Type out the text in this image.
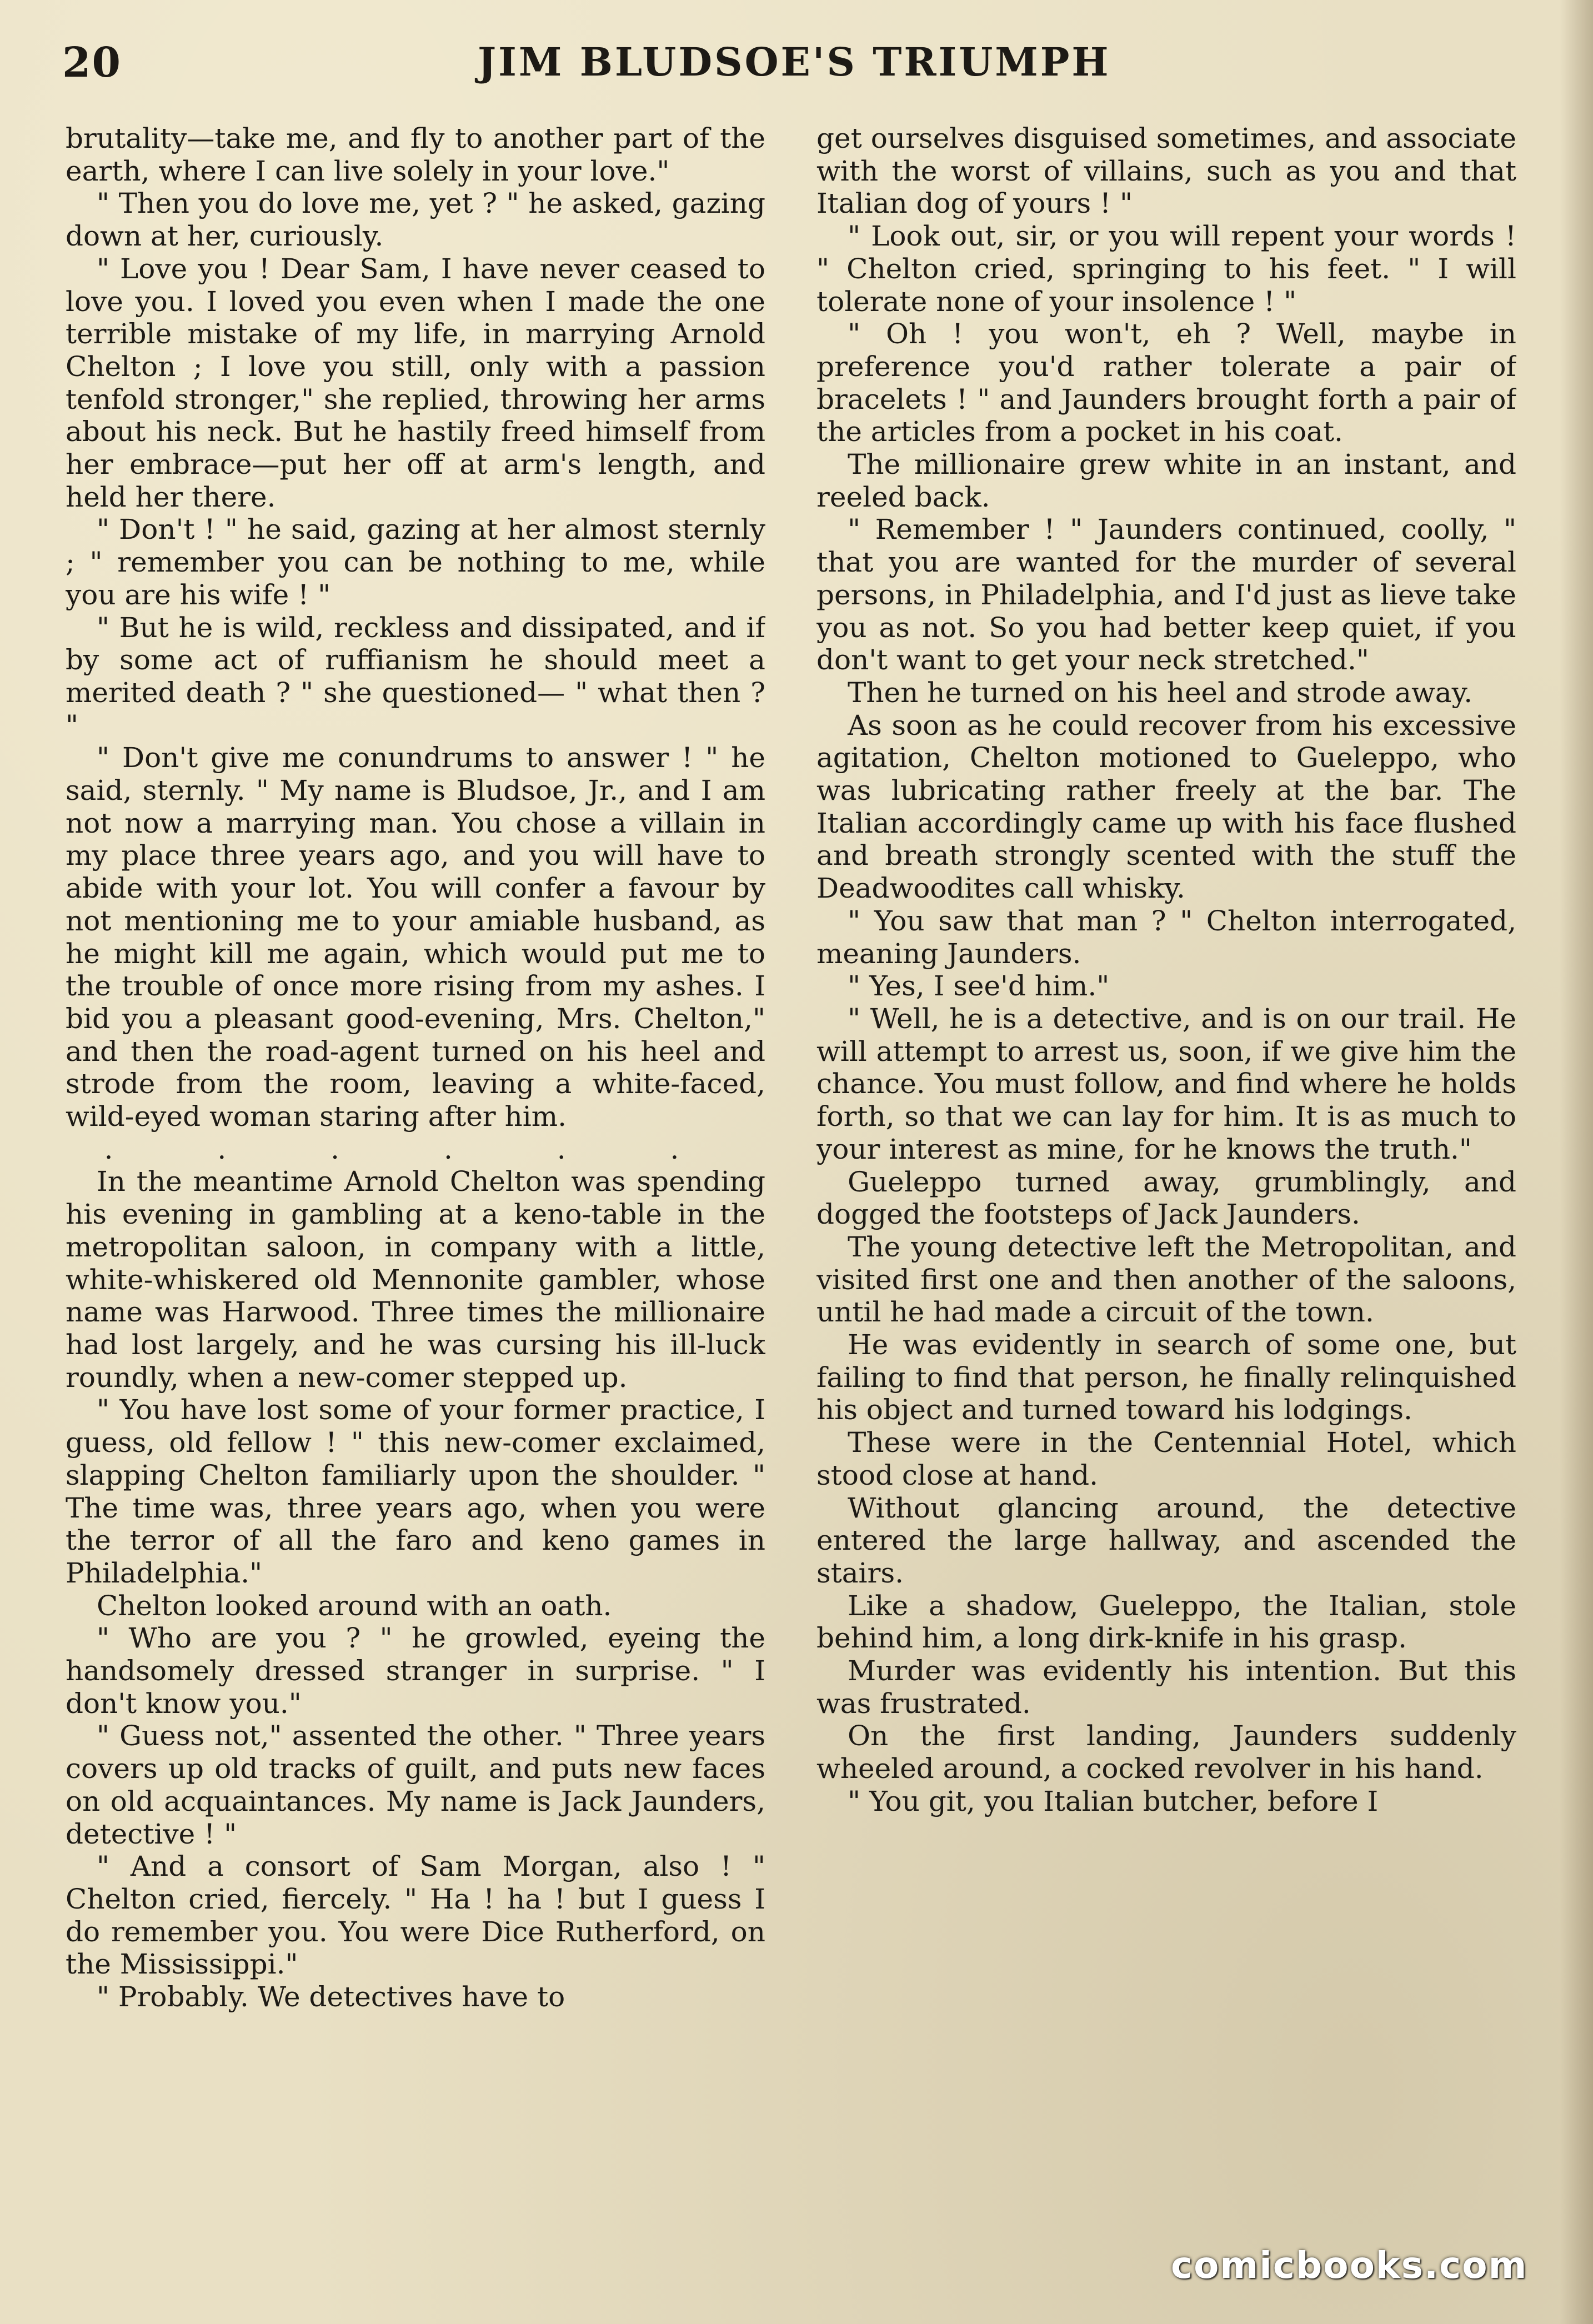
20	JIM BLUDSOE'S TRIUMPH

brutality—take me, and fly to another part of the earth, where I can live solely in your love."

" Then you do love me, yet ? " he asked, gazing down at her, curiously.

" Love you ! Dear Sam, I have never ceased to love you. I loved you even when I made the one terrible mistake of my life, in marrying Arnold Chelton ; I love you still, only with a passion tenfold stronger," she replied, throwing her arms about his neck. But he hastily freed himself from her embrace—put her off at arm's length, and held her there.

" Don't ! " he said, gazing at her almost sternly ; " remember you can be nothing to me, while you are his wife ! "

" But he is wild, reckless and dissipated, and if by some act of ruffianism he should meet a merited death ? " she questioned— " what then ? "

" Don't give me conundrums to answer ! " he said, sternly. " My name is Bludsoe, Jr., and I am not now a marrying man. You chose a villain in my place three years ago, and you will have to abide with your lot. You will confer a favour by not mentioning me to your amiable husband, as he might kill me again, which would put me to the trouble of once more rising from my ashes. I bid you a pleasant good-evening, Mrs. Chelton," and then the road-agent turned on his heel and strode from the room, leaving a white-faced, wild-eyed woman staring after him.

. . . . . .

In the meantime Arnold Chelton was spending his evening in gambling at a keno-table in the metropolitan saloon, in company with a little, white-whiskered old Mennonite gambler, whose name was Harwood. Three times the millionaire had lost largely, and he was cursing his ill-luck roundly, when a new-comer stepped up.

" You have lost some of your former practice, I guess, old fellow ! " this new-comer exclaimed, slapping Chelton familiarly upon the shoulder. " The time was, three years ago, when you were the terror of all the faro and keno games in Philadelphia."

Chelton looked around with an oath.

" Who are you ? " he growled, eyeing the handsomely dressed stranger in surprise. " I don't know you."

" Guess not," assented the other. " Three years covers up old tracks of guilt, and puts new faces on old acquaintances. My name is Jack Jaunders, detective ! "

" And a consort of Sam Morgan, also ! " Chelton cried, fiercely. " Ha ! ha ! but I guess I do remember you. You were Dice Rutherford, on the Mississippi."

" Probably. We detectives have to

get ourselves disguised sometimes, and associate with the worst of villains, such as you and that Italian dog of yours ! "

" Look out, sir, or you will repent your words ! " Chelton cried, springing to his feet. " I will tolerate none of your insolence ! "

" Oh ! you won't, eh ? Well, maybe in preference you'd rather tolerate a pair of bracelets ! " and Jaunders brought forth a pair of the articles from a pocket in his coat.

The millionaire grew white in an instant, and reeled back.

" Remember ! " Jaunders continued, coolly, " that you are wanted for the murder of several persons, in Philadelphia, and I'd just as lieve take you as not. So you had better keep quiet, if you don't want to get your neck stretched."

Then he turned on his heel and strode away.

As soon as he could recover from his excessive agitation, Chelton motioned to Gueleppo, who was lubricating rather freely at the bar. The Italian accordingly came up with his face flushed and breath strongly scented with the stuff the Deadwoodites call whisky.

" You saw that man ? " Chelton interrogated, meaning Jaunders.

" Yes, I see'd him."

" Well, he is a detective, and is on our trail. He will attempt to arrest us, soon, if we give him the chance. You must follow, and find where he holds forth, so that we can lay for him. It is as much to your interest as mine, for he knows the truth."

Gueleppo turned away, grumblingly, and dogged the footsteps of Jack Jaunders.

The young detective left the Metropolitan, and visited first one and then another of the saloons, until he had made a circuit of the town.

He was evidently in search of some one, but failing to find that person, he finally relinquished his object and turned toward his lodgings.

These were in the Centennial Hotel, which stood close at hand.

Without glancing around, the detective entered the large hallway, and ascended the stairs.

Like a shadow, Gueleppo, the Italian, stole behind him, a long dirk-knife in his grasp.

Murder was evidently his intention. But this was frustrated.

On the first landing, Jaunders suddenly wheeled around, a cocked revolver in his hand.

" You git, you Italian butcher, before I

comicbooks.com
